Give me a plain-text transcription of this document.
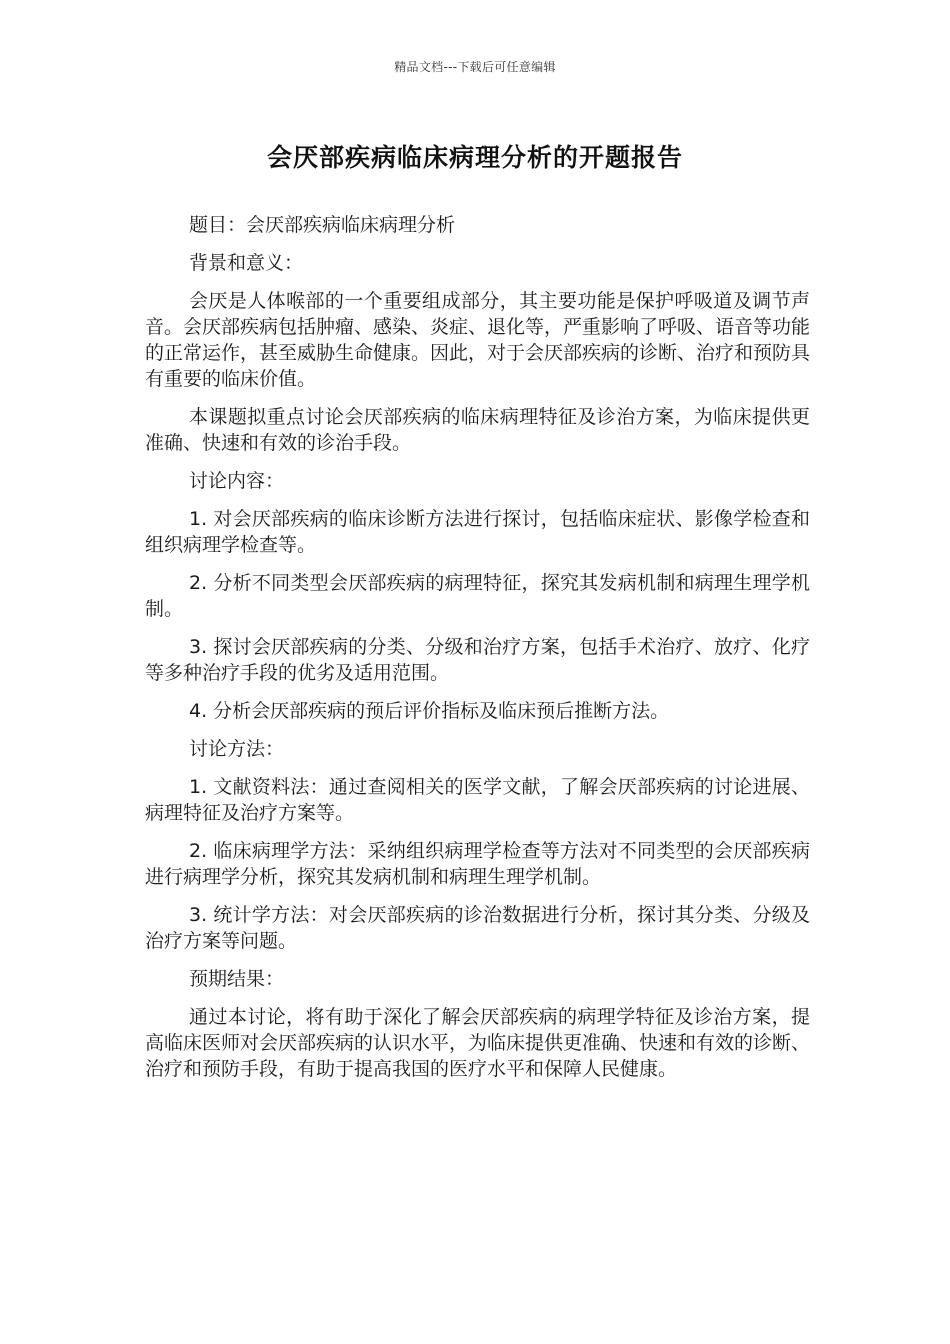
精品文档---下载后可任意编辑
会厌部疾病临床病理分析的开题报告

题目：会厌部疾病临床病理分析

背景和意义：

会厌是人体喉部的一个重要组成部分，其主要功能是保护呼吸道及调节声音。会厌部疾病包括肿瘤、感染、炎症、退化等，严重影响了呼吸、语音等功能的正常运作，甚至威胁生命健康。因此，对于会厌部疾病的诊断、治疗和预防具有重要的临床价值。

本课题拟重点讨论会厌部疾病的临床病理特征及诊治方案，为临床提供更准确、快速和有效的诊治手段。

讨论内容：

1. 对会厌部疾病的临床诊断方法进行探讨，包括临床症状、影像学检查和组织病理学检查等。

2. 分析不同类型会厌部疾病的病理特征，探究其发病机制和病理生理学机制。

3. 探讨会厌部疾病的分类、分级和治疗方案，包括手术治疗、放疗、化疗等多种治疗手段的优劣及适用范围。

4. 分析会厌部疾病的预后评价指标及临床预后推断方法。

讨论方法：

1. 文献资料法：通过查阅相关的医学文献，了解会厌部疾病的讨论进展、病理特征及治疗方案等。

2. 临床病理学方法：采纳组织病理学检查等方法对不同类型的会厌部疾病进行病理学分析，探究其发病机制和病理生理学机制。

3. 统计学方法：对会厌部疾病的诊治数据进行分析，探讨其分类、分级及治疗方案等问题。

预期结果：

通过本讨论，将有助于深化了解会厌部疾病的病理学特征及诊治方案，提高临床医师对会厌部疾病的认识水平，为临床提供更准确、快速和有效的诊断、治疗和预防手段，有助于提高我国的医疗水平和保障人民健康。
